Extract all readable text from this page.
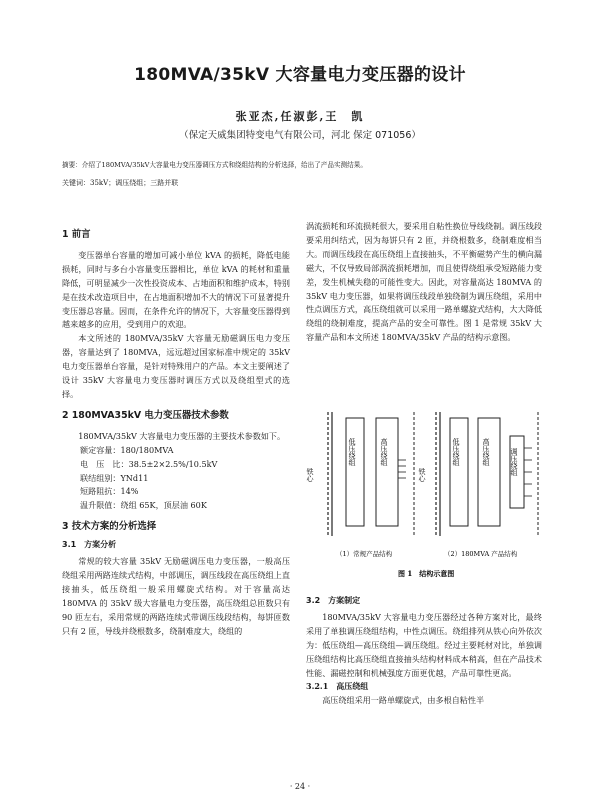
180MVA/35kV 大容量电力变压器的设计
张亚杰,任淑彭,王　凯
（保定天威集团特变电气有限公司，河北 保定 071056）
摘要：介绍了180MVA/35kV大容量电力变压器调压方式和绕组结构的分析选择，给出了产品实测结果。
关键词：35kV；调压绕组；三路并联
1 前言

变压器单台容量的增加可减小单位 kVA 的损耗，降低电能损耗，同时与多台小容量变压器相比，单位 kVA 的耗材和重量降低，可明显减少一次性投资成本、占地面积和维护成本，特别是在技术改造项目中，在占地面积增加不大的情况下可显著提升变压器总容量。因而，在条件允许的情况下，大容量变压器得到越来越多的应用，受到用户的欢迎。

本文所述的 180MVA/35kV 大容量无励磁调压电力变压器，容量达到了 180MVA，远远超过国家标准中规定的 35kV 电力变压器单台容量，是针对特殊用户的产品。本文主要阐述了设计 35kV 大容量电力变压器时调压方式以及绕组型式的选择。

2 180MVA35kV 电力变压器技术参数

180MVA/35kV 大容量电力变压器的主要技术参数如下。

额定容量：180/180MVA
电　压　比：38.5±2×2.5%/10.5kV
联结组别：YNd11
短路阻抗：14%
温升限值：绕组 65K，顶层油 60K
3 技术方案的分析选择
3.1　方案分析

常规的较大容量 35kV 无励磁调压电力变压器，一般高压绕组采用两路连续式结构，中部调压，调压线段在高压绕组上直接抽头，低压绕组一般采用螺旋式结构。对于容量高达 180MVA 的 35kV 级大容量电力变压器，高压绕组总匝数只有 90 匝左右，采用常规的两路连续式带调压线段结构，每饼匝数只有 2 匝，导线并绕根数多，绕制难度大，绕组的

涡流损耗和环流损耗很大，要采用自粘性换位导线绕制。调压线段要采用纠结式，因为每饼只有 2 匝，并绕根数多，绕制难度相当大。而调压线段在高压绕组上直接抽头，不平衡磁势产生的横向漏磁大，不仅导致局部涡流损耗增加，而且使得绕组承受短路能力变差，发生机械失稳的可能性变大。因此，对容量高达 180MVA 的 35kV 电力变压器，如果将调压线段单独绕制为调压绕组，采用中性点调压方式，高压绕组就可以采用一路单螺旋式结构，大大降低绕组的绕制难度，提高产品的安全可靠性。图 1 是常规 35kV 大容量产品和本文所述 180MVA/35kV 产品的结构示意图。

铁心
低压绕组	高压绕组
铁心
低压绕组	高压绕组	调压绕组
（1）常规产品结构	（2）180MVA 产品结构
图 1　结构示意图
3.2　方案制定

180MVA/35kV 大容量电力变压器经过各种方案对比，最终采用了单独调压绕组结构，中性点调压。绕组排列从铁心向外依次为：低压绕组—高压绕组—调压绕组。经过主要耗材对比，单独调压绕组结构比高压绕组直接抽头结构材料成本稍高，但在产品技术性能、漏磁控制和机械强度方面更优越，产品可靠性更高。

3.2.1　高压绕组

高压绕组采用一路单螺旋式，由多根自粘性半

· 24 ·
